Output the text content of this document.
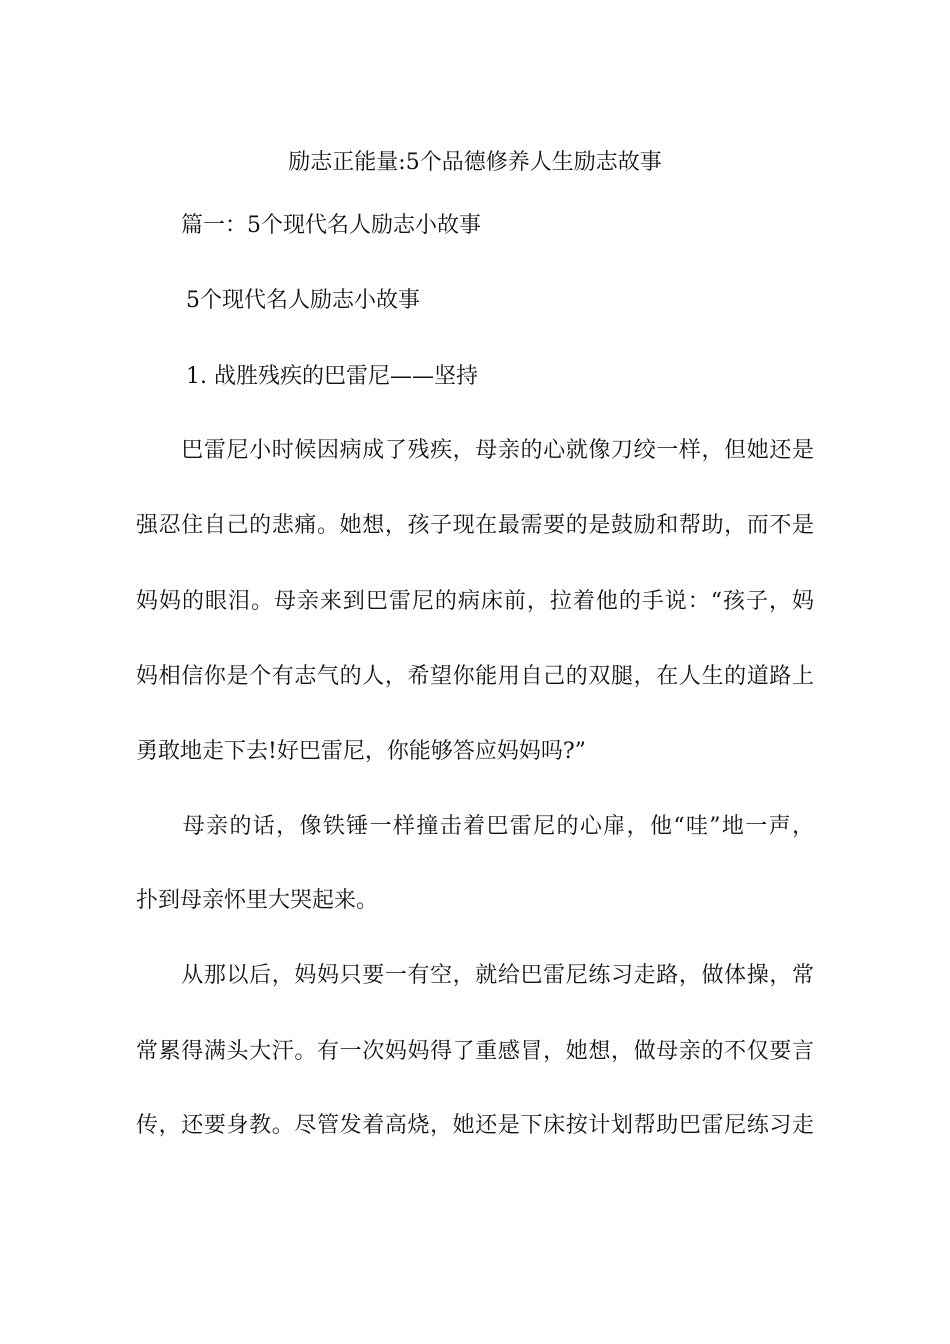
励志正能量:5个品德修养人生励志故事
篇一：5个现代名人励志小故事
5个现代名人励志小故事
1. 战胜残疾的巴雷尼——坚持
　　巴雷尼小时候因病成了残疾，母亲的心就像刀绞一样，但她还是
强忍住自己的悲痛。她想，孩子现在最需要的是鼓励和帮助，而不是
妈妈的眼泪。母亲来到巴雷尼的病床前，拉着他的手说：“孩子，妈
妈相信你是个有志气的人，希望你能用自己的双腿，在人生的道路上
勇敢地走下去!好巴雷尼，你能够答应妈妈吗?”
　　母亲的话，像铁锤一样撞击着巴雷尼的心扉，他“哇”地一声，
扑到母亲怀里大哭起来。
　　从那以后，妈妈只要一有空，就给巴雷尼练习走路，做体操，常
常累得满头大汗。有一次妈妈得了重感冒，她想，做母亲的不仅要言
传，还要身教。尽管发着高烧，她还是下床按计划帮助巴雷尼练习走
